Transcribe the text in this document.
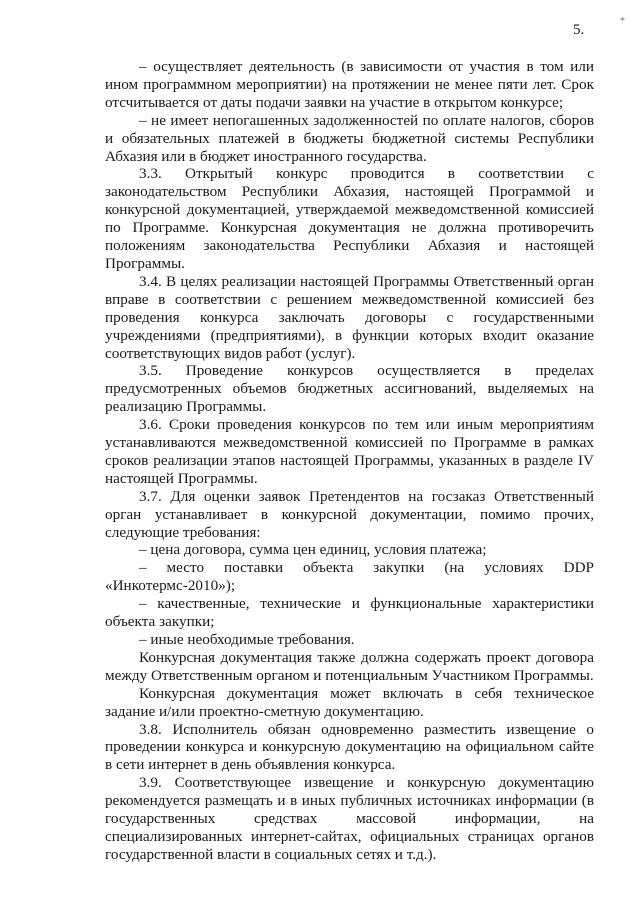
5.
*

– осуществляет деятельность (в зависимости от участия в том или ином программном мероприятии) на протяжении не менее пяти лет. Срок отсчитывается от даты подачи заявки на участие в открытом конкурсе;

– не имеет непогашенных задолженностей по оплате налогов, сборов и обязательных платежей в бюджеты бюджетной системы Республики Абхазия или в бюджет иностранного государства.

3.3. Открытый конкурс проводится в соответствии с законодательством Республики Абхазия, настоящей Программой и конкурсной документацией, утверждаемой межведомственной комиссией по Программе. Конкурсная документация не должна противоречить положениям законодательства Республики Абхазия и настоящей Программы.

3.4. В целях реализации настоящей Программы Ответственный орган вправе в соответствии с решением межведомственной комиссией без проведения конкурса заключать договоры с государственными учреждениями (предприятиями), в функции которых входит оказание соответствующих видов работ (услуг).

3.5. Проведение конкурсов осуществляется в пределах предусмотренных объемов бюджетных ассигнований, выделяемых на реализацию Программы.

3.6. Сроки проведения конкурсов по тем или иным мероприятиям устанавливаются межведомственной комиссией по Программе в рамках сроков реализации этапов настоящей Программы, указанных в разделе IV настоящей Программы.

3.7. Для оценки заявок Претендентов на госзаказ Ответственный орган устанавливает в конкурсной документации, помимо прочих, следующие требования:

– цена договора, сумма цен единиц, условия платежа;

– место поставки объекта закупки (на условиях DDP «Инкотермс-2010»);

– качественные, технические и функциональные характеристики объекта закупки;

– иные необходимые требования.

Конкурсная документация также должна содержать проект договора между Ответственным органом и потенциальным Участником Программы.

Конкурсная документация может включать в себя техническое задание и/или проектно-сметную документацию.

3.8. Исполнитель обязан одновременно разместить извещение о проведении конкурса и конкурсную документацию на официальном сайте в сети интернет в день объявления конкурса.

3.9. Соответствующее извещение и конкурсную документацию рекомендуется размещать и в иных публичных источниках информации (в государственных средствах массовой информации, на специализированных интернет-сайтах, официальных страницах органов государственной власти в социальных сетях и т.д.).
